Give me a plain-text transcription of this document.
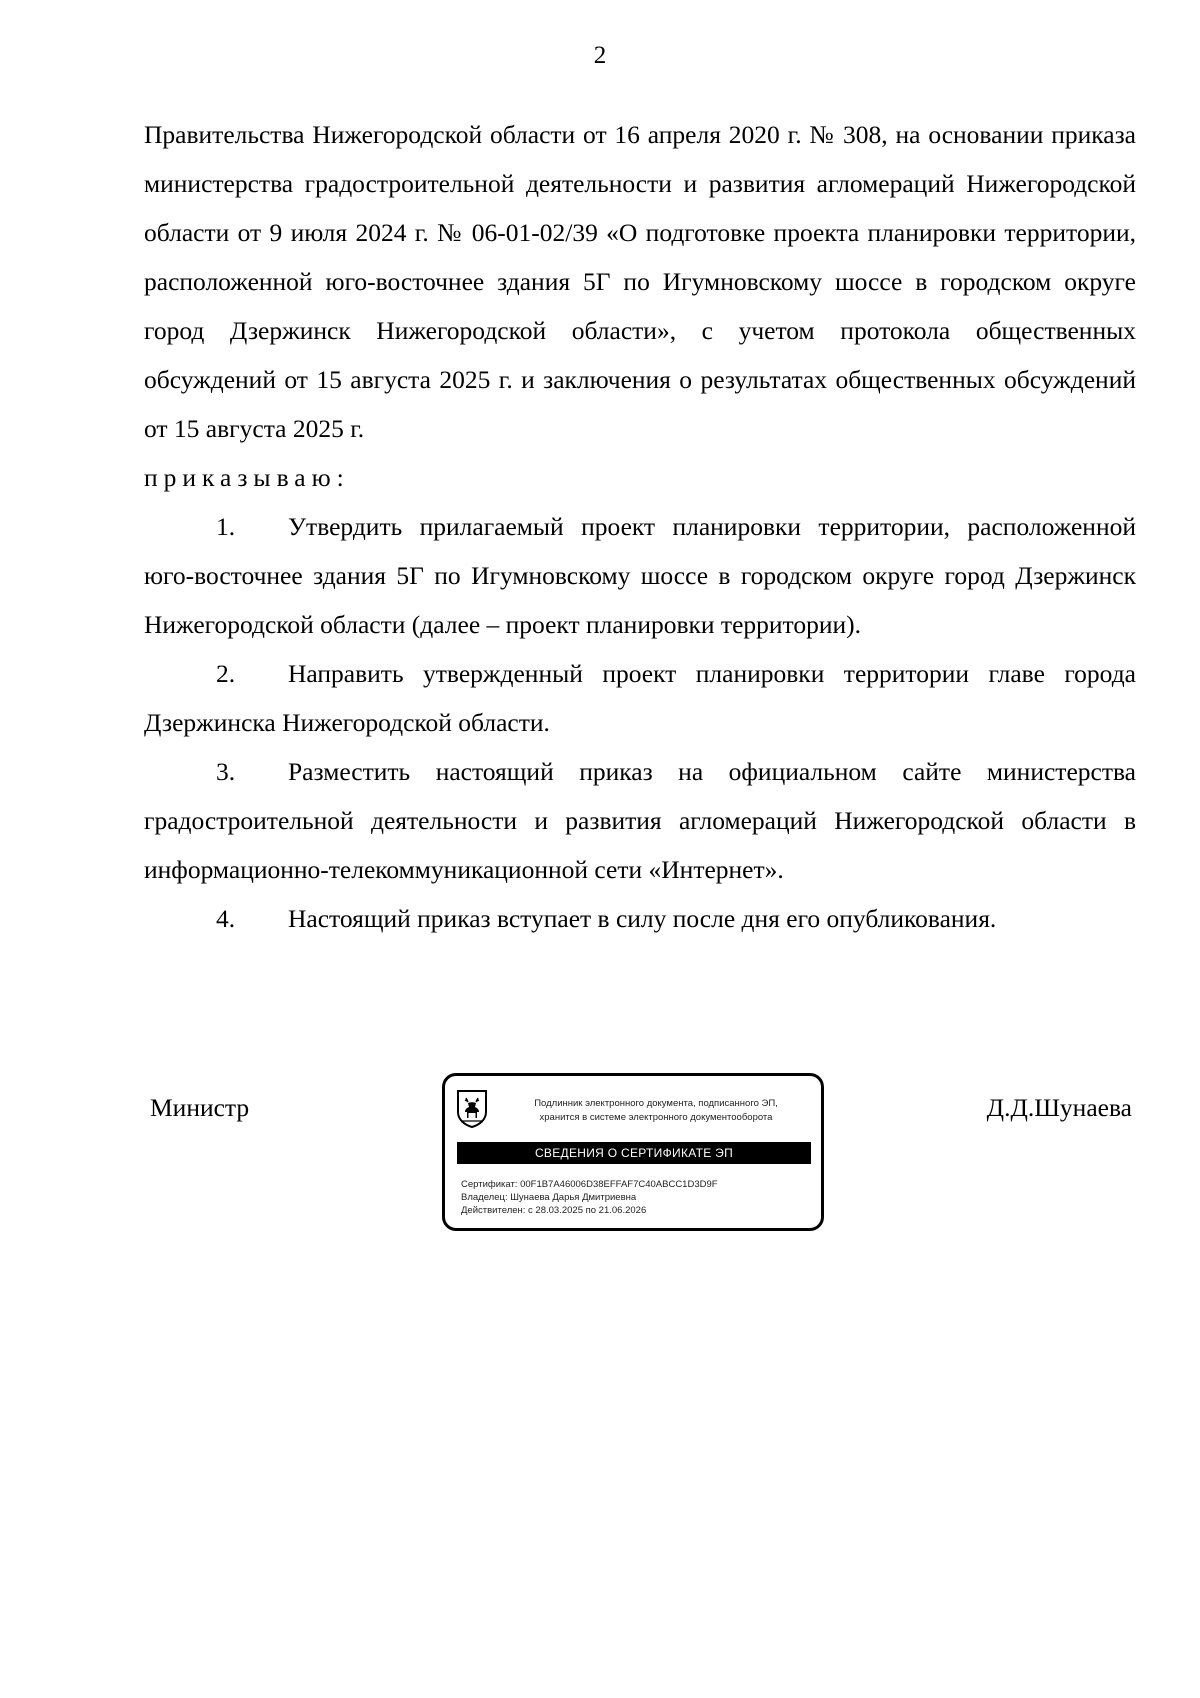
2

Правительства Нижегородской области от 16 апреля 2020 г. № 308, на основании приказа министерства градостроительной деятельности и развития агломераций Нижегородской области от 9 июля 2024 г. № 06-01-02/39 «О подготовке проекта планировки территории, расположенной юго-восточнее здания 5Г по Игумновскому шоссе в городском округе город Дзержинск Нижегородской области», с учетом протокола общественных обсуждений от 15 августа 2025 г. и заключения о результатах общественных обсуждений от 15 августа 2025 г.

приказываю:

1. Утвердить прилагаемый проект планировки территории, расположенной юго-восточнее здания 5Г по Игумновскому шоссе в городском округе город Дзержинск Нижегородской области (далее – проект планировки территории).

2. Направить утвержденный проект планировки территории главе города Дзержинска Нижегородской области.

3. Разместить настоящий приказ на официальном сайте министерства градостроительной деятельности и развития агломераций Нижегородской области в информационно-телекоммуникационной сети «Интернет».

4. Настоящий приказ вступает в силу после дня его опубликования.

Министр	Подлинник электронного документа, подписанного ЭП,
хранится в системе электронного документооборота
СВЕДЕНИЯ О СЕРТИФИКАТЕ ЭП
Сертификат: 00F1B7A46006D38EFFAF7C40ABCC1D3D9F
Владелец: Шунаева Дарья Дмитриевна
Действителен: с 28.03.2025 по 21.06.2026
Д.Д.Шунаева
